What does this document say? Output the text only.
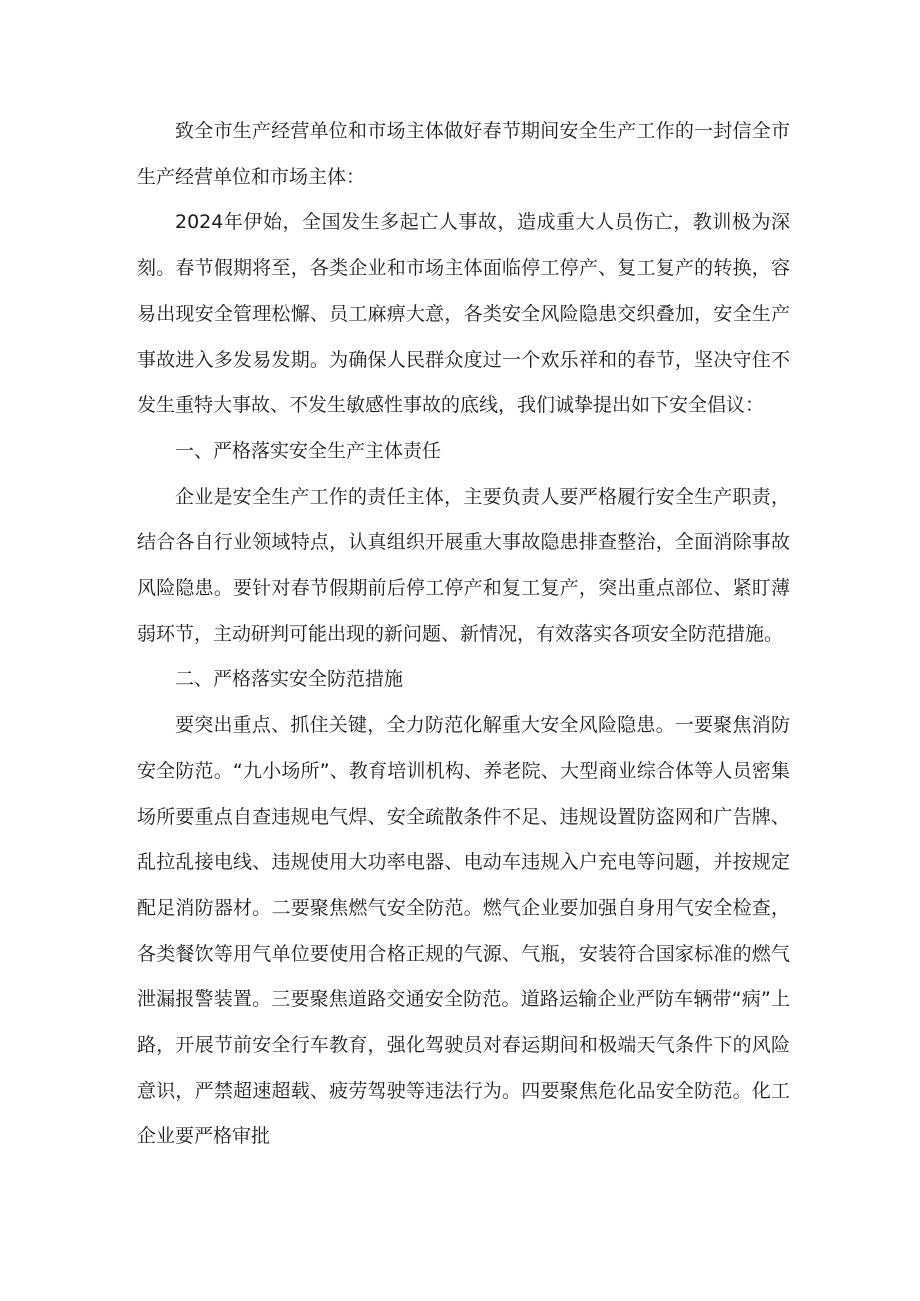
致全市生产经营单位和市场主体做好春节期间安全生产工作的一封信全市生产经营单位和市场主体：

2024年伊始，全国发生多起亡人事故，造成重大人员伤亡，教训极为深刻。春节假期将至，各类企业和市场主体面临停工停产、复工复产的转换，容易出现安全管理松懈、员工麻痹大意，各类安全风险隐患交织叠加，安全生产事故进入多发易发期。为确保人民群众度过一个欢乐祥和的春节，坚决守住不发生重特大事故、不发生敏感性事故的底线，我们诚挚提出如下安全倡议：

一、严格落实安全生产主体责任

企业是安全生产工作的责任主体，主要负责人要严格履行安全生产职责，结合各自行业领域特点，认真组织开展重大事故隐患排查整治，全面消除事故风险隐患。要针对春节假期前后停工停产和复工复产，突出重点部位、紧盯薄弱环节，主动研判可能出现的新问题、新情况，有效落实各项安全防范措施。

二、严格落实安全防范措施

要突出重点、抓住关键，全力防范化解重大安全风险隐患。一要聚焦消防安全防范。“九小场所”、教育培训机构、养老院、大型商业综合体等人员密集场所要重点自查违规电气焊、安全疏散条件不足、违规设置防盗网和广告牌、乱拉乱接电线、违规使用大功率电器、电动车违规入户充电等问题，并按规定配足消防器材。二要聚焦燃气安全防范。燃气企业要加强自身用气安全检查，各类餐饮等用气单位要使用合格正规的气源、气瓶，安装符合国家标准的燃气泄漏报警装置。三要聚焦道路交通安全防范。道路运输企业严防车辆带“病”上路，开展节前安全行车教育，强化驾驶员对春运期间和极端天气条件下的风险意识，严禁超速超载、疲劳驾驶等违法行为。四要聚焦危化品安全防范。化工企业要严格审批
